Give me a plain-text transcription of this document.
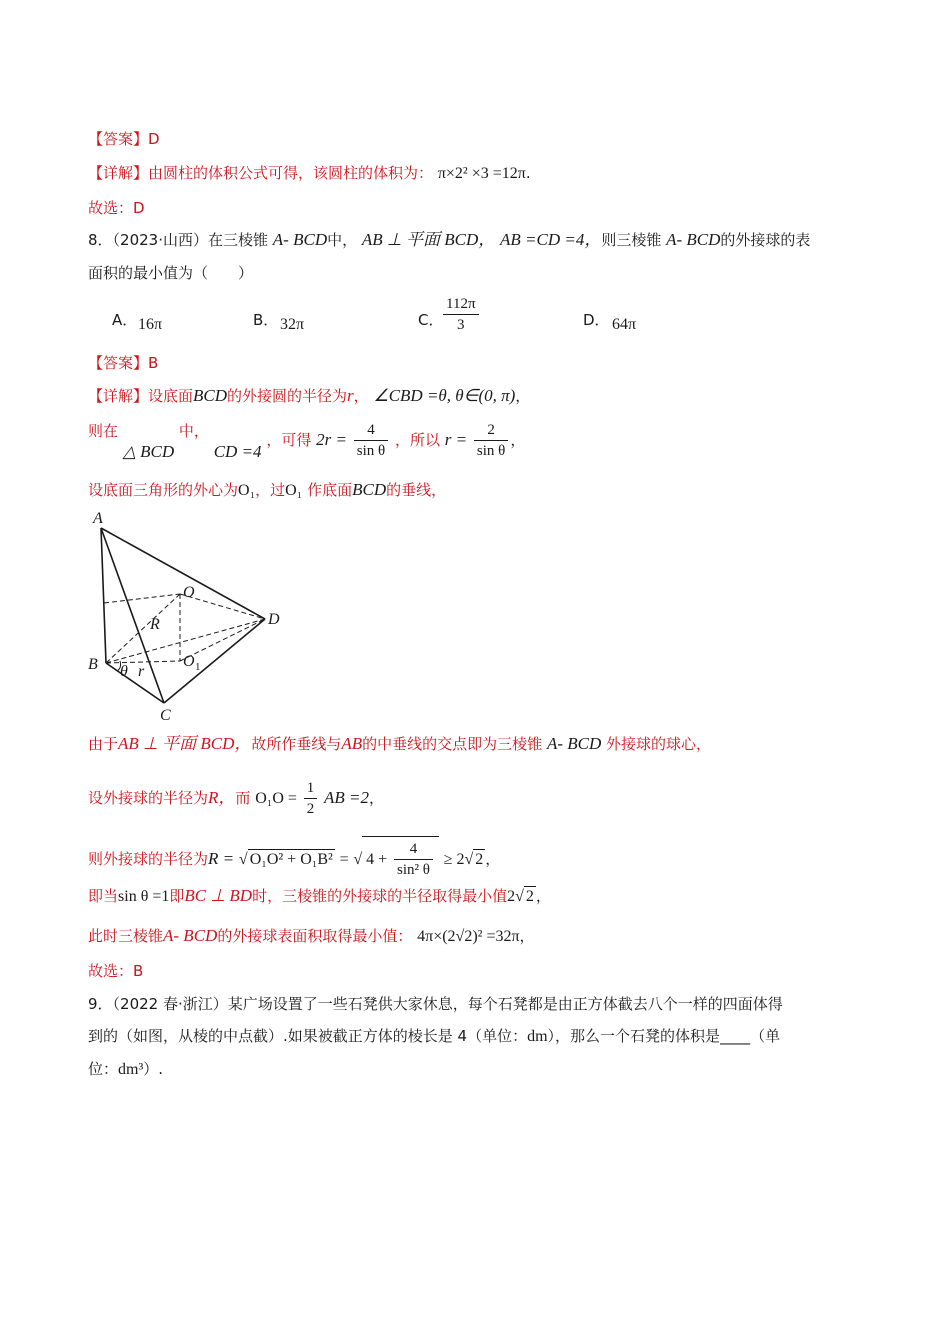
【答案】D
【详解】由圆柱的体积公式可得，该圆柱的体积为： π×2² ×3 =12π.
故选：D
8．（2023·山西）在三棱锥 A- BCD中， AB ⊥ 平面 BCD， AB =CD =4，则三棱锥 A- BCD的外接球的表
面积的最小值为（　　）
A． 16π	B． 32π	C． $\frac{112\pi}{3}$	D． 64π
【答案】B
【详解】设底面BCD的外接圆的半径为r， ∠CBD =θ, θ∈(0, π)，
则在 △ BCD 中， CD =4 ，可得 $2r = \frac{4}{\text{sin θ}}$ ，所以 $r = \frac{2}{\text{sin θ}}$ ，
设底面三角形的外心为O₁，过O₁ 作底面BCD的垂线，
A
B
C
D
O
O 1
R
r
θ
由于AB ⊥ 平面 BCD，故所作垂线与AB的中垂线的交点即为三棱锥 A- BCD 外接球的球心，
设外接球的半径为R，而 $O_1O = \frac{1}{2}$ AB =2，
则外接球的半径为R = √ O₁O² + O₁B² = √ $4 + \frac{4}{\text{sin² θ}} \ge 2√$ 2 ，
即当sin θ =1即BC ⊥ BD时，三棱锥的外接球的半径取得最小值2√ 2 ，
此时三棱锥A- BCD的外接球表面积取得最小值： 4π×(2√2)² =32π，
故选：B
9．（2022 春·浙江）某广场设置了一些石凳供大家休息，每个石凳都是由正方体截去八个一样的四面体得
到的（如图，从棱的中点截）.如果被截正方体的棱长是 4（单位：dm），那么一个石凳的体积是____（单
位：dm³）.
